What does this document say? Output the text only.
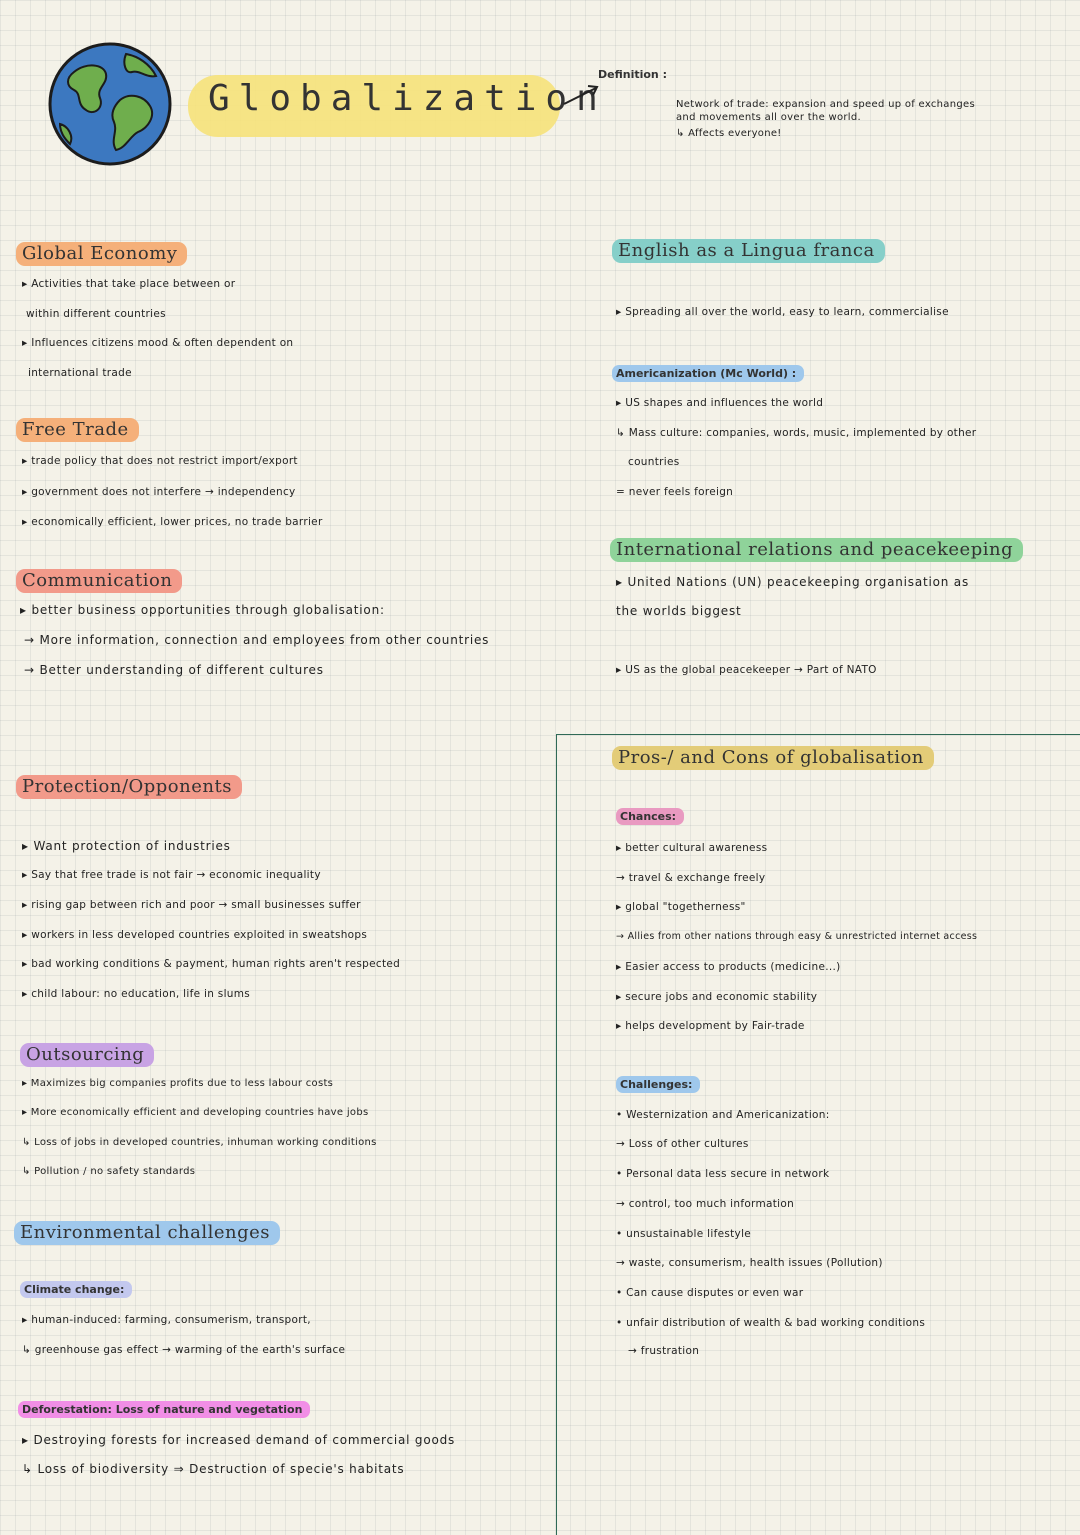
Globalization
Definition :
Network of trade: expansion and speed up of exchanges
and movements all over the world.
↳ Affects everyone!
Global Economy
▸ Activities that take place between or
within different countries
▸ Influences citizens mood & often dependent on
international trade
Free Trade
▸ trade policy that does not restrict import/export
▸ government does not interfere → independency
▸ economically efficient, lower prices, no trade barrier
Communication
▸ better business opportunities through globalisation:
→ More information, connection and employees from other countries
→ Better understanding of different cultures
Protection/Opponents
▸ Want protection of industries
▸ Say that free trade is not fair → economic inequality
▸ rising gap between rich and poor → small businesses suffer
▸ workers in less developed countries exploited in sweatshops
▸ bad working conditions & payment, human rights aren't respected
▸ child labour: no education, life in slums
Outsourcing
▸ Maximizes big companies profits due to less labour costs
▸ More economically efficient and developing countries have jobs
↳ Loss of jobs in developed countries, inhuman working conditions
↳ Pollution / no safety standards
Environmental challenges
Climate change:
▸ human-induced: farming, consumerism, transport,
↳ greenhouse gas effect → warming of the earth's surface
Deforestation: Loss of nature and vegetation
▸ Destroying forests for increased demand of commercial goods
↳ Loss of biodiversity ⇒ Destruction of specie's habitats
English as a Lingua franca
▸ Spreading all over the world, easy to learn, commercialise
Americanization (Mc World) :
▸ US shapes and influences the world
↳ Mass culture: companies, words, music, implemented by other
countries
= never feels foreign
International relations and peacekeeping
▸ United Nations (UN) peacekeeping organisation as
the worlds biggest
▸ US as the global peacekeeper → Part of NATO
Pros-/ and Cons of globalisation
Chances:
▸ better cultural awareness
→ travel & exchange freely
▸ global "togetherness"
→ Allies from other nations through easy & unrestricted internet access
▸ Easier access to products (medicine...)
▸ secure jobs and economic stability
▸ helps development by Fair-trade
Challenges:
• Westernization and Americanization:
→ Loss of other cultures
• Personal data less secure in network
→ control, too much information
• unsustainable lifestyle
→ waste, consumerism, health issues (Pollution)
• Can cause disputes or even war
• unfair distribution of wealth & bad working conditions
→ frustration
